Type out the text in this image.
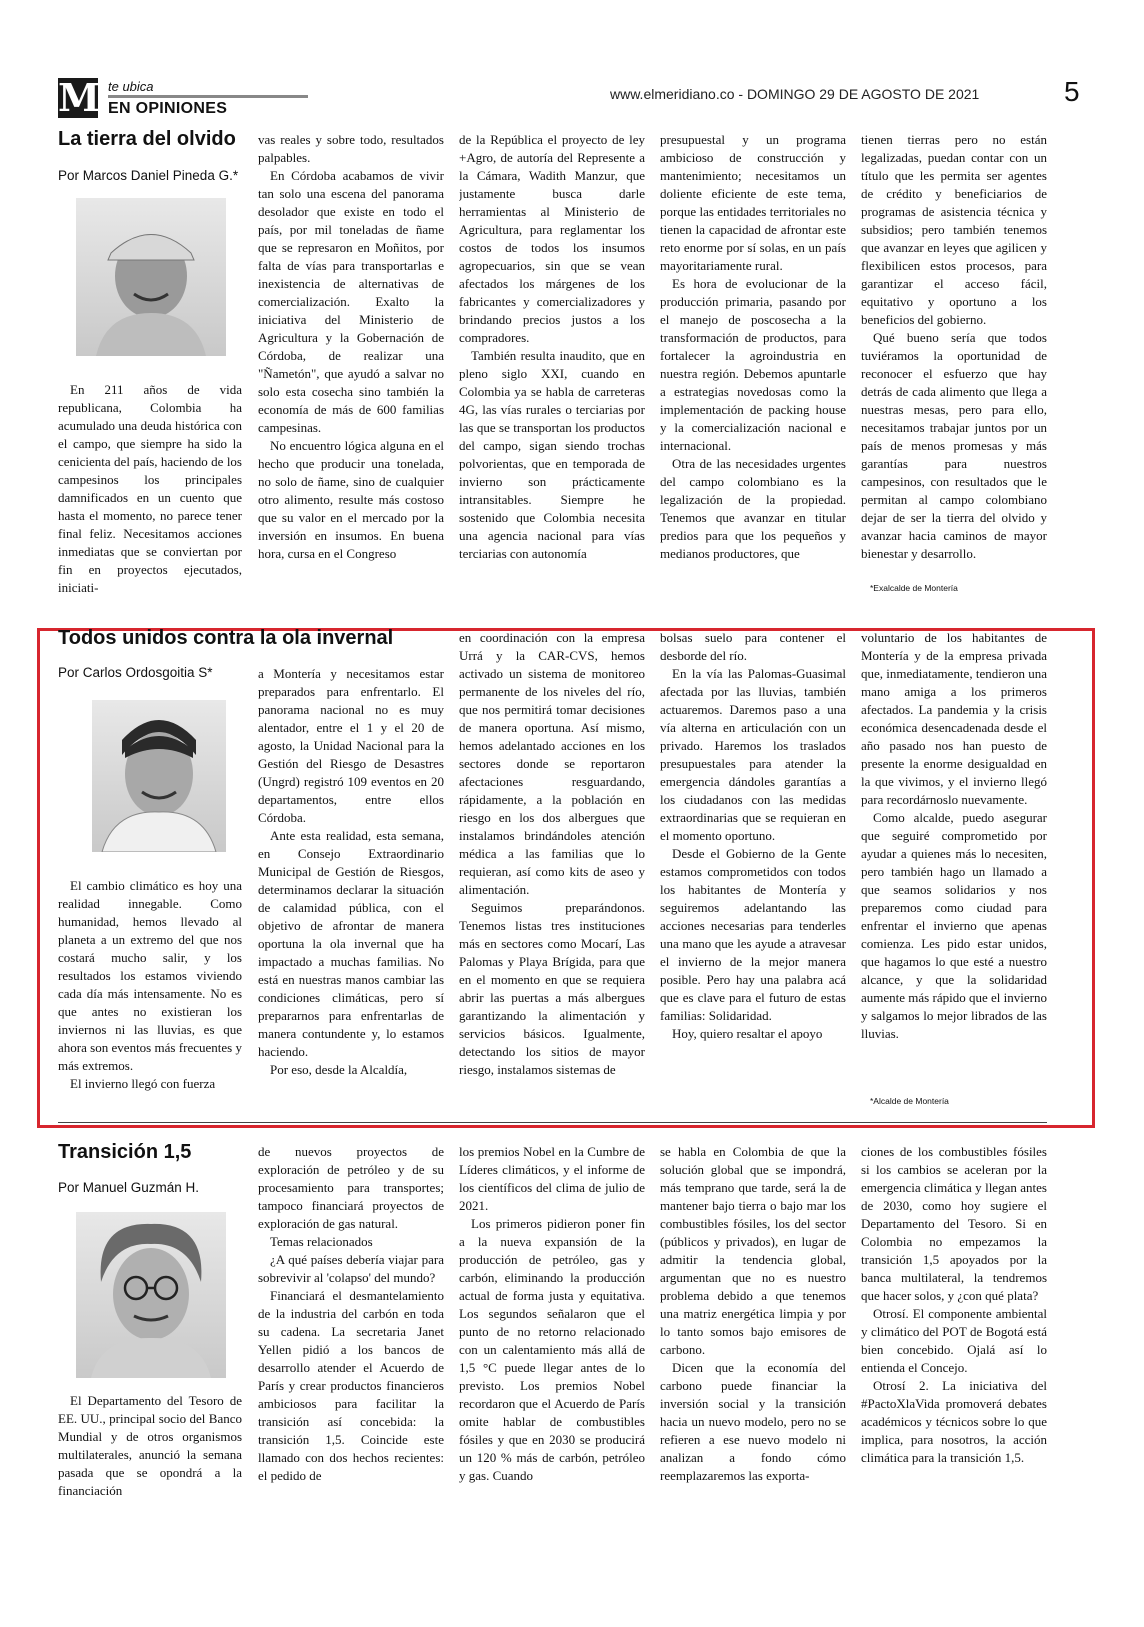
M te ubica
EN OPINIONES
www.elmeridiano.co - DOMINGO 29 DE AGOSTO DE 2021	5
La tierra del olvido
Por Marcos Daniel Pineda G.*

En 211 años de vida republicana, Colombia ha acumulado una deuda histórica con el campo, que siempre ha sido la cenicienta del país, haciendo de los campesinos los principales damnificados en un cuento que hasta el momento, no parece tener final feliz. Necesitamos acciones inmediatas que se conviertan por fin en proyectos ejecutados, iniciati-

vas reales y sobre todo, resultados palpables.

En Córdoba acabamos de vivir tan solo una escena del panorama desolador que existe en todo el país, por mil toneladas de ñame que se represaron en Moñitos, por falta de vías para transportarlas e inexistencia de alternativas de comercialización. Exalto la iniciativa del Ministerio de Agricultura y la Gobernación de Córdoba, de realizar una "Ñametón", que ayudó a salvar no solo esta cosecha sino también la economía de más de 600 familias campesinas.

No encuentro lógica alguna en el hecho que producir una tonelada, no solo de ñame, sino de cualquier otro alimento, resulte más costoso que su valor en el mercado por la inversión en insumos. En buena hora, cursa en el Congreso

de la República el proyecto de ley +Agro, de autoría del Represente a la Cámara, Wadith Manzur, que justamente busca darle herramientas al Ministerio de Agricultura, para reglamentar los costos de todos los insumos agropecuarios, sin que se vean afectados los márgenes de los fabricantes y comercializadores y brindando precios justos a los compradores.

También resulta inaudito, que en pleno siglo XXI, cuando en Colombia ya se habla de carreteras 4G, las vías rurales o terciarias por las que se transportan los productos del campo, sigan siendo trochas polvorientas, que en temporada de invierno son prácticamente intransitables. Siempre he sostenido que Colombia necesita una agencia nacional para vías terciarias con autonomía

presupuestal y un programa ambicioso de construcción y mantenimiento; necesitamos un doliente eficiente de este tema, porque las entidades territoriales no tienen la capacidad de afrontar este reto enorme por sí solas, en un país mayoritariamente rural.

Es hora de evolucionar de la producción primaria, pasando por el manejo de poscosecha a la transformación de productos, para fortalecer la agroindustria en nuestra región. Debemos apuntarle a estrategias novedosas como la implementación de packing house y la comercialización nacional e internacional.

Otra de las necesidades urgentes del campo colombiano es la legalización de la propiedad. Tenemos que avanzar en titular predios para que los pequeños y medianos productores, que

tienen tierras pero no están legalizadas, puedan contar con un título que les permita ser agentes de crédito y beneficiarios de programas de asistencia técnica y subsidios; pero también tenemos que avanzar en leyes que agilicen y flexibilicen estos procesos, para garantizar el acceso fácil, equitativo y oportuno a los beneficios del gobierno.

Qué bueno sería que todos tuviéramos la oportunidad de reconocer el esfuerzo que hay detrás de cada alimento que llega a nuestras mesas, pero para ello, necesitamos trabajar juntos por un país de menos promesas y más garantías para nuestros campesinos, con resultados que le permitan al campo colombiano dejar de ser la tierra del olvido y avanzar hacia caminos de mayor bienestar y desarrollo.

*Exalcalde de Montería
Todos unidos contra la ola invernal
Por Carlos Ordosgoitia S*

El cambio climático es hoy una realidad innegable. Como humanidad, hemos llevado al planeta a un extremo del que nos costará mucho salir, y los resultados los estamos viviendo cada día más intensamente. No es que antes no existieran los inviernos ni las lluvias, es que ahora son eventos más frecuentes y más extremos.

El invierno llegó con fuerza

a Montería y necesitamos estar preparados para enfrentarlo. El panorama nacional no es muy alentador, entre el 1 y el 20 de agosto, la Unidad Nacional para la Gestión del Riesgo de Desastres (Ungrd) registró 109 eventos en 20 departamentos, entre ellos Córdoba.

Ante esta realidad, esta semana, en Consejo Extraordinario Municipal de Gestión de Riesgos, determinamos declarar la situación de calamidad pública, con el objetivo de afrontar de manera oportuna la ola invernal que ha impactado a muchas familias. No está en nuestras manos cambiar las condiciones climáticas, pero sí prepararnos para enfrentarlas de manera contundente y, lo estamos haciendo.

Por eso, desde la Alcaldía,

en coordinación con la empresa Urrá y la CAR-CVS, hemos activado un sistema de monitoreo permanente de los niveles del río, que nos permitirá tomar decisiones de manera oportuna. Así mismo, hemos adelantado acciones en los sectores donde se reportaron afectaciones resguardando, rápidamente, a la población en riesgo en los dos albergues que instalamos brindándoles atención médica a las familias que lo requieran, así como kits de aseo y alimentación.

Seguimos preparándonos. Tenemos listas tres instituciones más en sectores como Mocarí, Las Palomas y Playa Brígida, para que en el momento en que se requiera abrir las puertas a más albergues garantizando la alimentación y servicios básicos. Igualmente, detectando los sitios de mayor riesgo, instalamos sistemas de

bolsas suelo para contener el desborde del río.

En la vía las Palomas-Guasimal afectada por las lluvias, también actuaremos. Daremos paso a una vía alterna en articulación con un privado. Haremos los traslados presupuestales para atender la emergencia dándoles garantías a los ciudadanos con las medidas extraordinarias que se requieran en el momento oportuno.

Desde el Gobierno de la Gente estamos comprometidos con todos los habitantes de Montería y seguiremos adelantando las acciones necesarias para tenderles una mano que les ayude a atravesar el invierno de la mejor manera posible. Pero hay una palabra acá que es clave para el futuro de estas familias: Solidaridad.

Hoy, quiero resaltar el apoyo

voluntario de los habitantes de Montería y de la empresa privada que, inmediatamente, tendieron una mano amiga a los primeros afectados. La pandemia y la crisis económica desencadenada desde el año pasado nos han puesto de presente la enorme desigualdad en la que vivimos, y el invierno llegó para recordárnoslo nuevamente.

Como alcalde, puedo asegurar que seguiré comprometido por ayudar a quienes más lo necesiten, pero también hago un llamado a que seamos solidarios y nos preparemos como ciudad para enfrentar el invierno que apenas comienza. Les pido estar unidos, que hagamos lo que esté a nuestro alcance, y que la solidaridad aumente más rápido que el invierno y salgamos lo mejor librados de las lluvias.

*Alcalde de Montería
Transición 1,5
Por Manuel Guzmán H.

El Departamento del Tesoro de EE. UU., principal socio del Banco Mundial y de otros organismos multilaterales, anunció la semana pasada que se opondrá a la financiación

de nuevos proyectos de exploración de petróleo y de su procesamiento para transportes; tampoco financiará proyectos de exploración de gas natural.

Temas relacionados

¿A qué países debería viajar para sobrevivir al 'colapso' del mundo?

Financiará el desmantelamiento de la industria del carbón en toda su cadena. La secretaria Janet Yellen pidió a los bancos de desarrollo atender el Acuerdo de París y crear productos financieros ambiciosos para facilitar la transición así concebida: la transición 1,5. Coincide este llamado con dos hechos recientes: el pedido de

los premios Nobel en la Cumbre de Líderes climáticos, y el informe de los científicos del clima de julio de 2021.

Los primeros pidieron poner fin a la nueva expansión de la producción de petróleo, gas y carbón, eliminando la producción actual de forma justa y equitativa. Los segundos señalaron que el punto de no retorno relacionado con un calentamiento más allá de 1,5 °C puede llegar antes de lo previsto. Los premios Nobel recordaron que el Acuerdo de París omite hablar de combustibles fósiles y que en 2030 se producirá un 120 % más de carbón, petróleo y gas. Cuando

se habla en Colombia de que la solución global que se impondrá, más temprano que tarde, será la de mantener bajo tierra o bajo mar los combustibles fósiles, los del sector (públicos y privados), en lugar de admitir la tendencia global, argumentan que no es nuestro problema debido a que tenemos una matriz energética limpia y por lo tanto somos bajo emisores de carbono.

Dicen que la economía del carbono puede financiar la inversión social y la transición hacia un nuevo modelo, pero no se refieren a ese nuevo modelo ni analizan a fondo cómo reemplazaremos las exporta-

ciones de los combustibles fósiles si los cambios se aceleran por la emergencia climática y llegan antes de 2030, como hoy sugiere el Departamento del Tesoro. Si en Colombia no empezamos la transición 1,5 apoyados por la banca multilateral, la tendremos que hacer solos, y ¿con qué plata?

Otrosí. El componente ambiental y climático del POT de Bogotá está bien concebido. Ojalá así lo entienda el Concejo.

Otrosí 2. La iniciativa del #PactoXlaVida promoverá debates académicos y técnicos sobre lo que implica, para nosotros, la acción climática para la transición 1,5.
